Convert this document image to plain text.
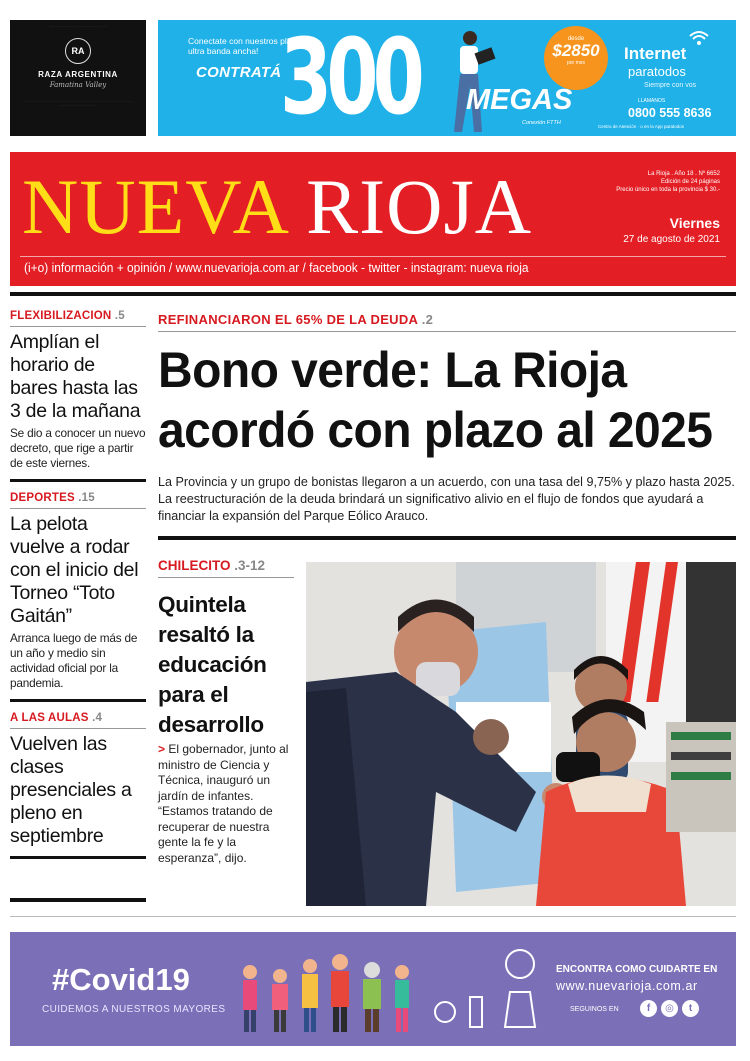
·················································
RA
RAZA ARGENTINA
Famatina Valley
···································· ···································· ···································· ····································
Conectate con nuestros planes ultra banda ancha!
CONTRATÁ
300 MEGAS
Conexión FTTH
desde
$2850
por mes	Internet
paratodos
Siempre con vos
LLAMANOS
0800 555 8636
Centro de Atención · o en la App paratodos
NUEVA RIOJA	La Rioja . Año 18 . Nº 6652
Edición de 24 páginas
Precio único en toda la provincia $ 30.-
Viernes
27 de agosto de 2021
(i+o) información + opinión / www.nuevarioja.com.ar / facebook - twitter - instagram: nueva rioja
FLEXIBILIZACION .5
Amplían el horario de bares hasta las 3 de la mañana
Se dio a conocer un nuevo decreto, que rige a partir de este viernes.
DEPORTES .15
La pelota vuelve a rodar con el inicio del Torneo “Toto Gaitán”
Arranca luego de más de un año y medio sin actividad oficial por la pandemia.
A LAS AULAS .4
Vuelven las clases presenciales a pleno en septiembre
REFINANCIARON EL 65% DE LA DEUDA .2
Bono verde: La Rioja acordó con plazo al 2025
La Provincia y un grupo de bonistas llegaron a un acuerdo, con una tasa del 9,75% y plazo hasta 2025. La reestructuración de la deuda brindará un significativo alivio en el flujo de fondos que ayudará a financiar la expansión del Parque Eólico Arauco.
CHILECITO .3-12
Quintela resaltó la educación para el desarrollo
> El gobernador, junto al ministro de Ciencia y Técnica, inauguró un jardín de infantes. “Estamos tratando de recuperar de nuestra gente la fe y la esperanza”, dijo.
#Covid19
CUIDEMOS A NUESTROS MAYORES
ENCONTRA COMO CUIDARTE EN
www.nuevarioja.com.ar
SEGUINOS EN	f	◎	t
